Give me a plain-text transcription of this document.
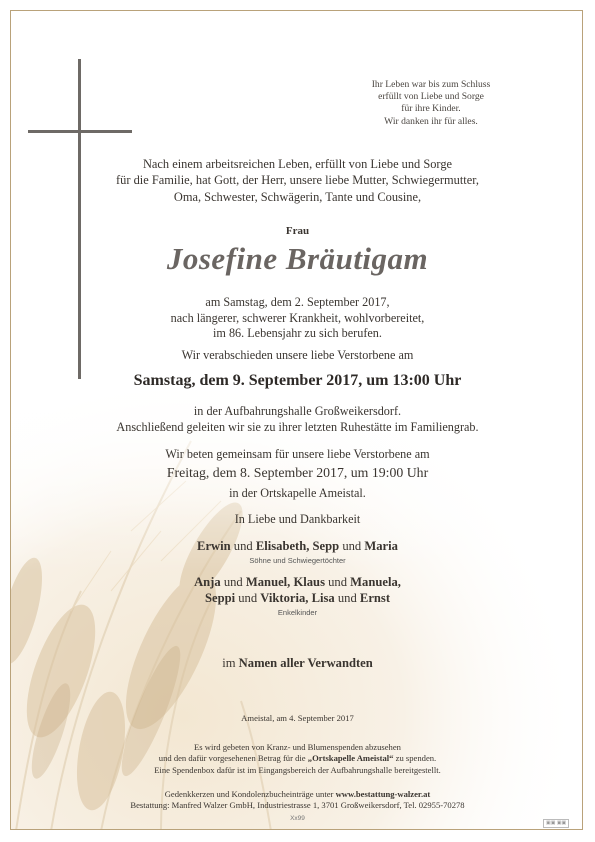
Ihr Leben war bis zum Schluss
erfüllt von Liebe und Sorge
für ihre Kinder.
Wir danken ihr für alles.
Nach einem arbeitsreichen Leben, erfüllt von Liebe und Sorge
für die Familie, hat Gott, der Herr, unsere liebe Mutter, Schwiegermutter,
Oma, Schwester, Schwägerin, Tante und Cousine,
Frau
Josefine Bräutigam
am Samstag, dem 2. September 2017,
nach längerer, schwerer Krankheit, wohlvorbereitet,
im 86. Lebensjahr zu sich berufen.
Wir verabschieden unsere liebe Verstorbene am
Samstag, dem 9. September 2017, um 13:00 Uhr
in der Aufbahrungshalle Großweikersdorf.
Anschließend geleiten wir sie zu ihrer letzten Ruhestätte im Familiengrab.
Wir beten gemeinsam für unsere liebe Verstorbene am
Freitag, dem 8. September 2017, um 19:00 Uhr
in der Ortskapelle Ameistal.
In Liebe und Dankbarkeit
Erwin und Elisabeth, Sepp und Maria
Söhne und Schwiegertöchter
Anja und Manuel, Klaus und Manuela,
Seppi und Viktoria, Lisa und Ernst
Enkelkinder
im Namen aller Verwandten
Ameistal, am 4. September 2017
Es wird gebeten von Kranz- und Blumenspenden abzusehen
und den dafür vorgesehenen Betrag für die „Ortskapelle Ameistal“ zu spenden.
Eine Spendenbox dafür ist im Eingangsbereich der Aufbahrungshalle bereitgestellt.
Gedenkkerzen und Kondolenzbucheinträge unter www.bestattung-walzer.at
Bestattung: Manfred Walzer GmbH, Industriestrasse 1, 3701 Großweikersdorf, Tel. 02955-70278
Xx99
▣▣ ▣▣
